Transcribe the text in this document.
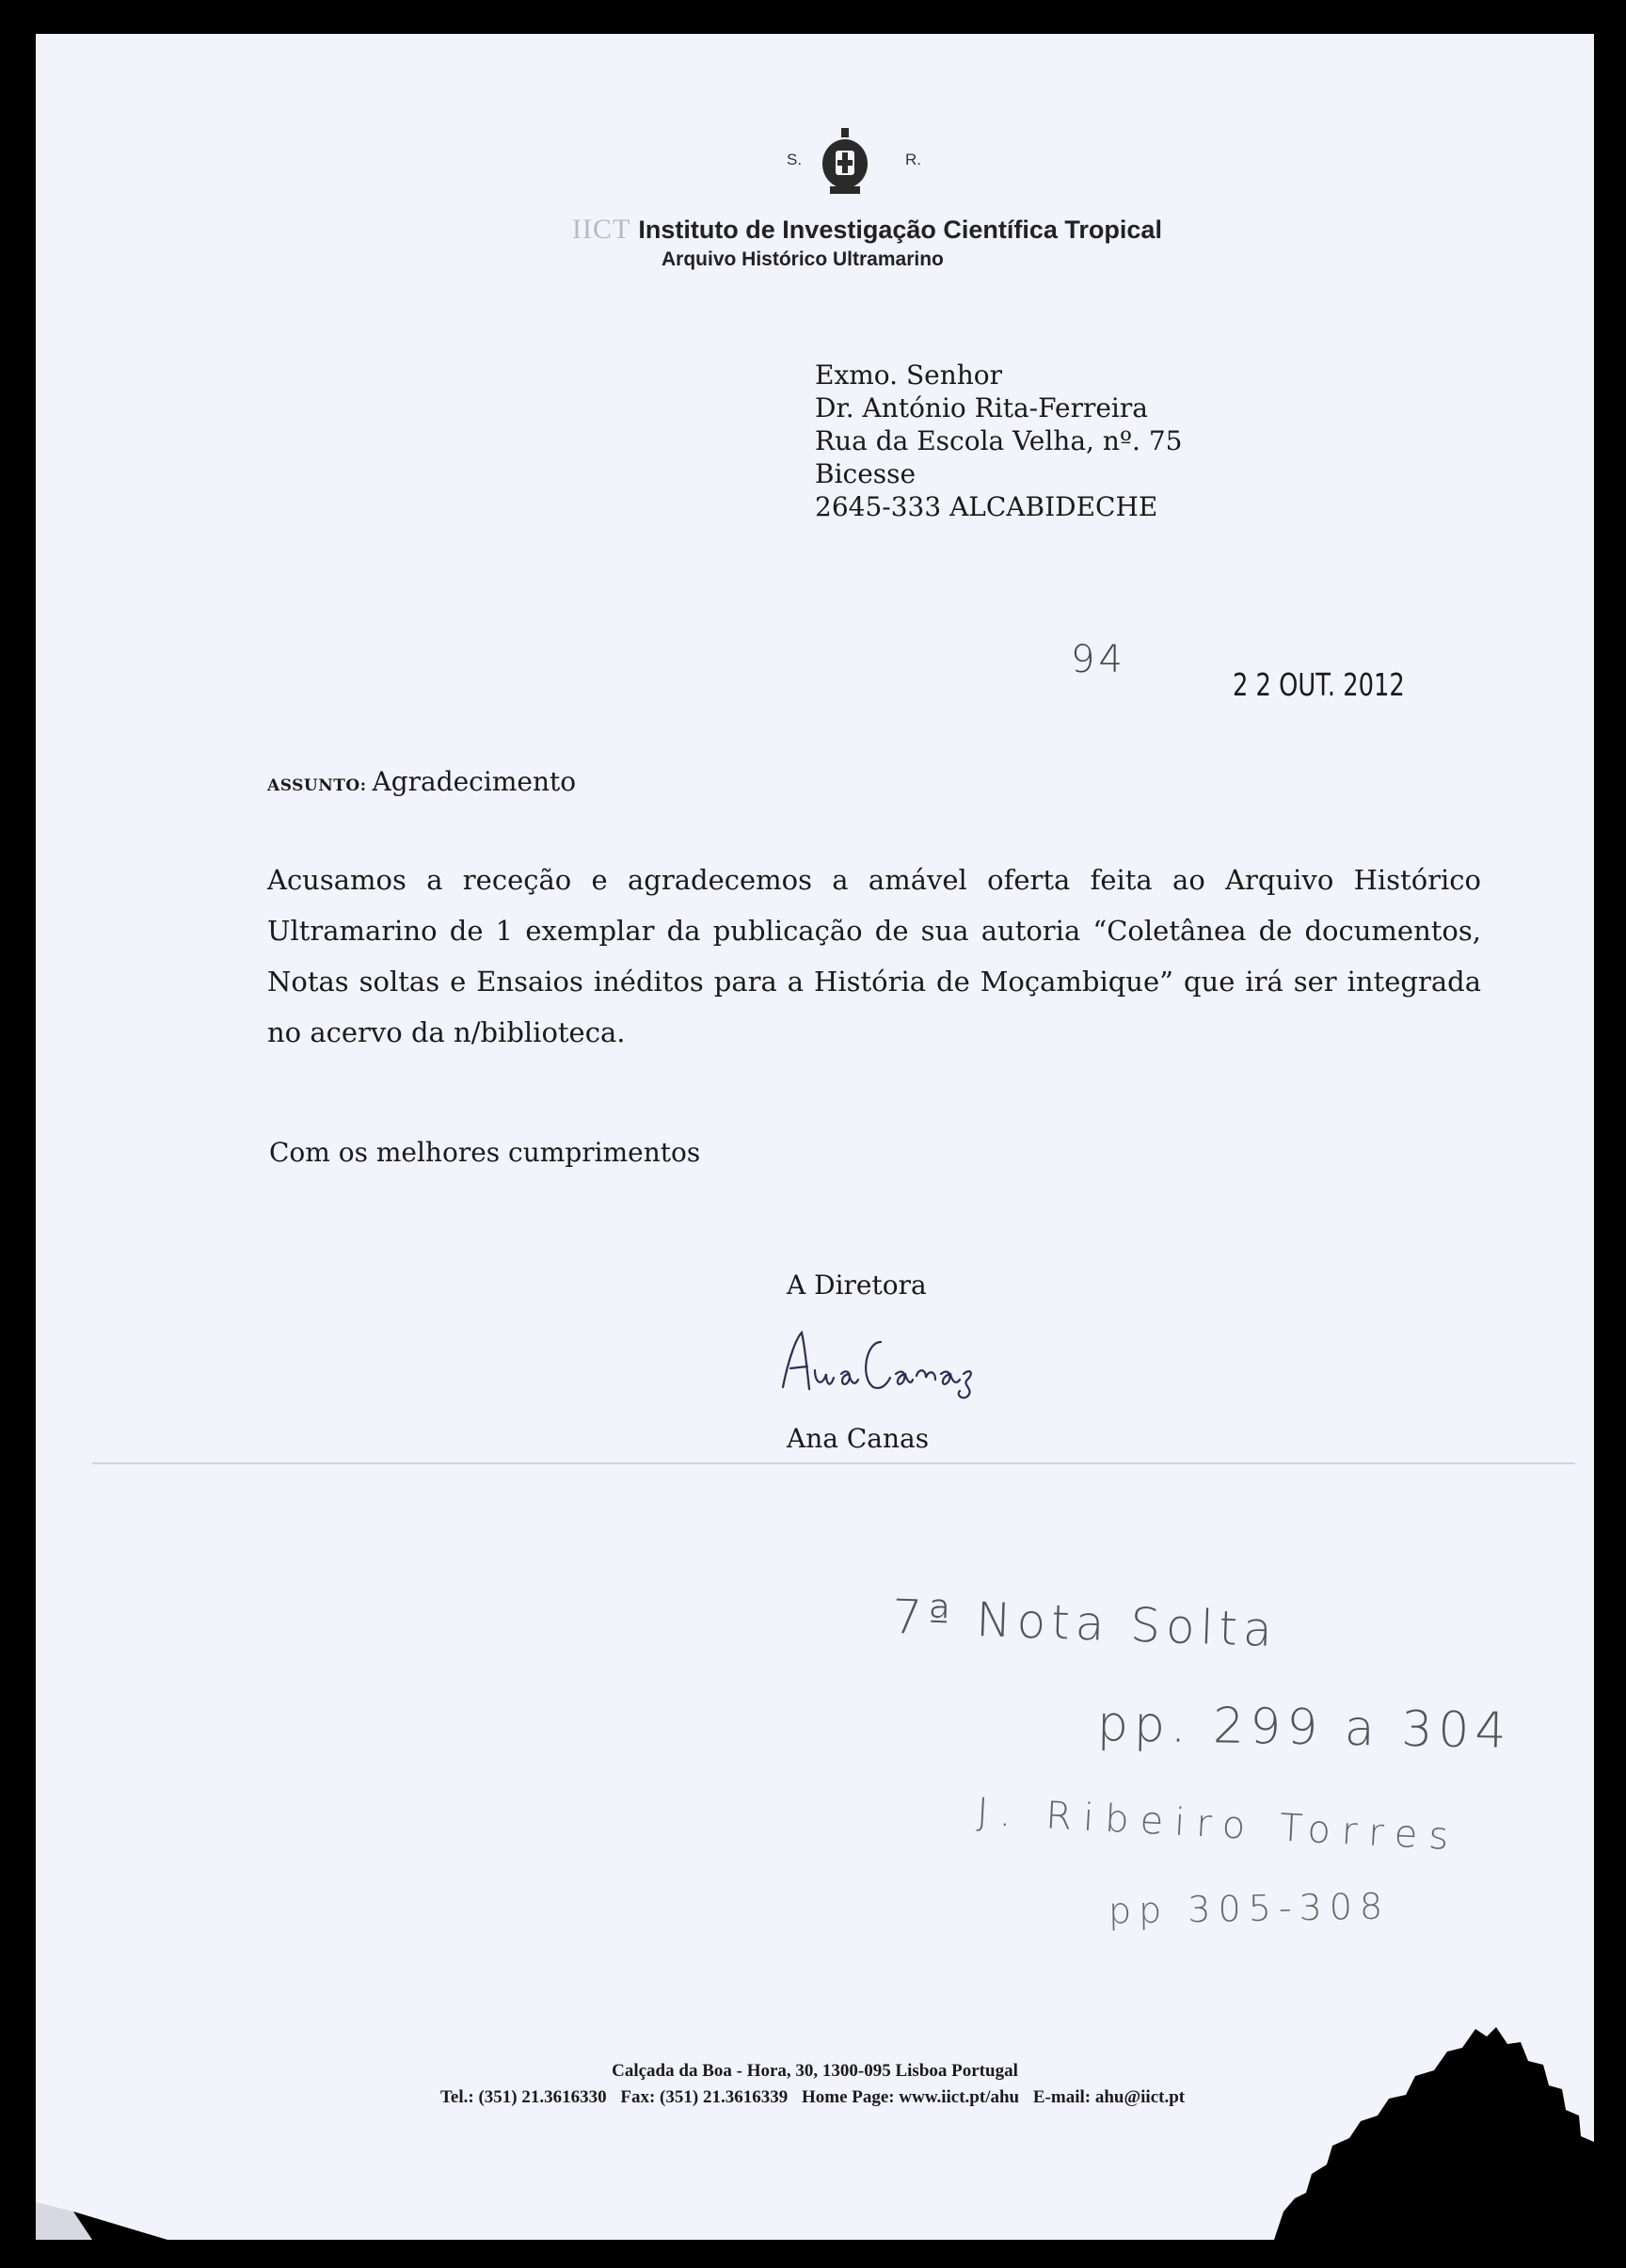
S.	R.
IICT Instituto de Investigação Científica Tropical
Arquivo Histórico Ultramarino
Exmo. Senhor
Dr. António Rita-Ferreira
Rua da Escola Velha, nº. 75
Bicesse
2645-333 ALCABIDECHE
94
2 2 OUT. 2012
ASSUNTO: Agradecimento
Acusamos a receção e agradecemos a amável oferta feita ao Arquivo Histórico Ultramarino de 1 exemplar da publicação de sua autoria “Coletânea de documentos, Notas soltas e Ensaios inéditos para a História de Moçambique” que irá ser integrada no acervo da n/biblioteca.
Com os melhores cumprimentos
A Diretora
Ana Canas
7ª Nota Solta
pp. 299 a 304
J. Ribeiro Torres
pp 305-308
Calçada da Boa - Hora, 30, 1300-095 Lisboa Portugal
Tel.: (351) 21.3616330 Fax: (351) 21.3616339 Home Page: www.iict.pt/ahu E-mail: ahu@iict.pt
